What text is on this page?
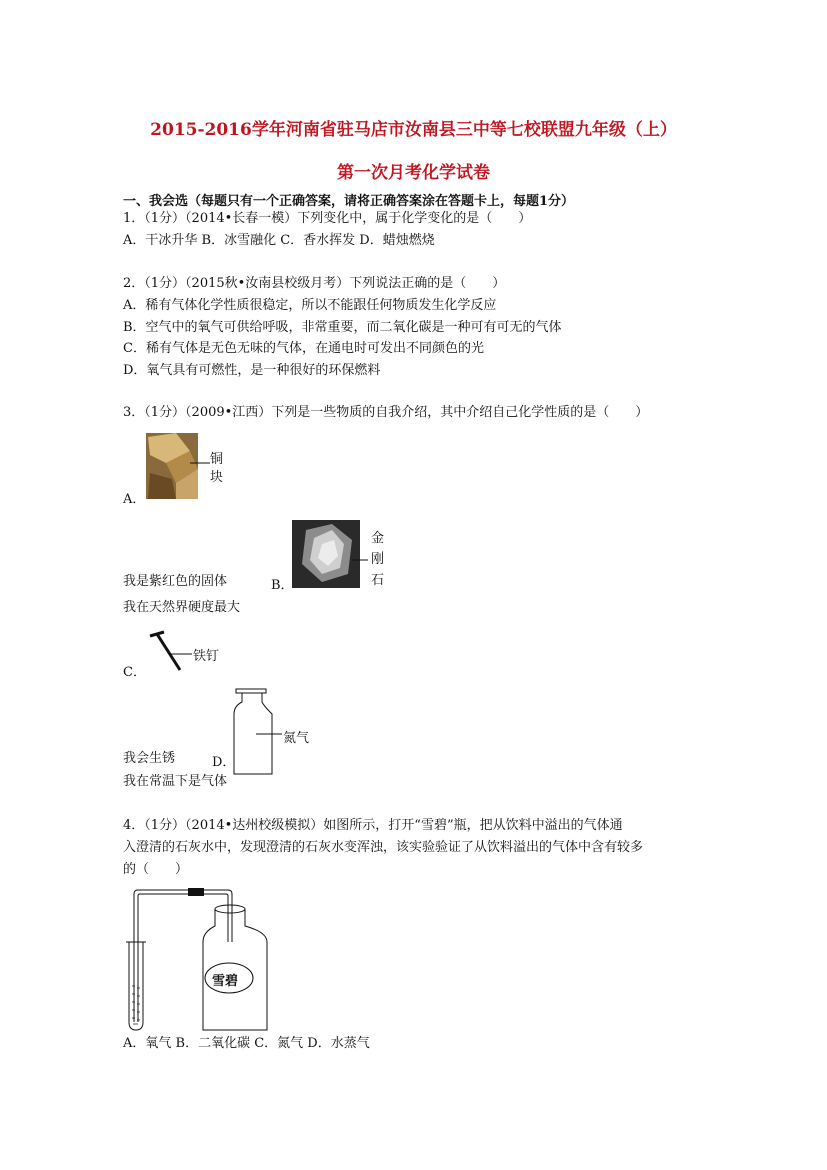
2015-2016学年河南省驻马店市汝南县三中等七校联盟九年级（上）
第一次月考化学试卷
一、我会选（每题只有一个正确答案，请将正确答案涂在答题卡上，每题1分）
1．（1分）（2014•长春一模）下列变化中，属于化学变化的是（　　）
A．干冰升华 B．冰雪融化 C．香水挥发 D．蜡烛燃烧
2．（1分）（2015秋•汝南县校级月考）下列说法正确的是（　　）
A．稀有气体化学性质很稳定，所以不能跟任何物质发生化学反应
B．空气中的氧气可供给呼吸，非常重要，而二氧化碳是一种可有可无的气体
C．稀有气体是无色无味的气体，在通电时可发出不同颜色的光
D．氧气具有可燃性，是一种很好的环保燃料
3．（1分）（2009•江西）下列是一些物质的自我介绍，其中介绍自己化学性质的是（　　）
铜
块
A．
金
刚
石
我是紫红色的固体	B．
我在天然界硬度最大
铁钉
C．
氮气
我会生锈	D．
我在常温下是气体
4．（1分）（2014•达州校级模拟）如图所示，打开“雪碧”瓶，把从饮料中溢出的气体通
入澄清的石灰水中，发现澄清的石灰水变浑浊，该实验验证了从饮料溢出的气体中含有较多
的（　　）
雪碧
A．氧气 B．二氧化碳 C．氮气 D．水蒸气
